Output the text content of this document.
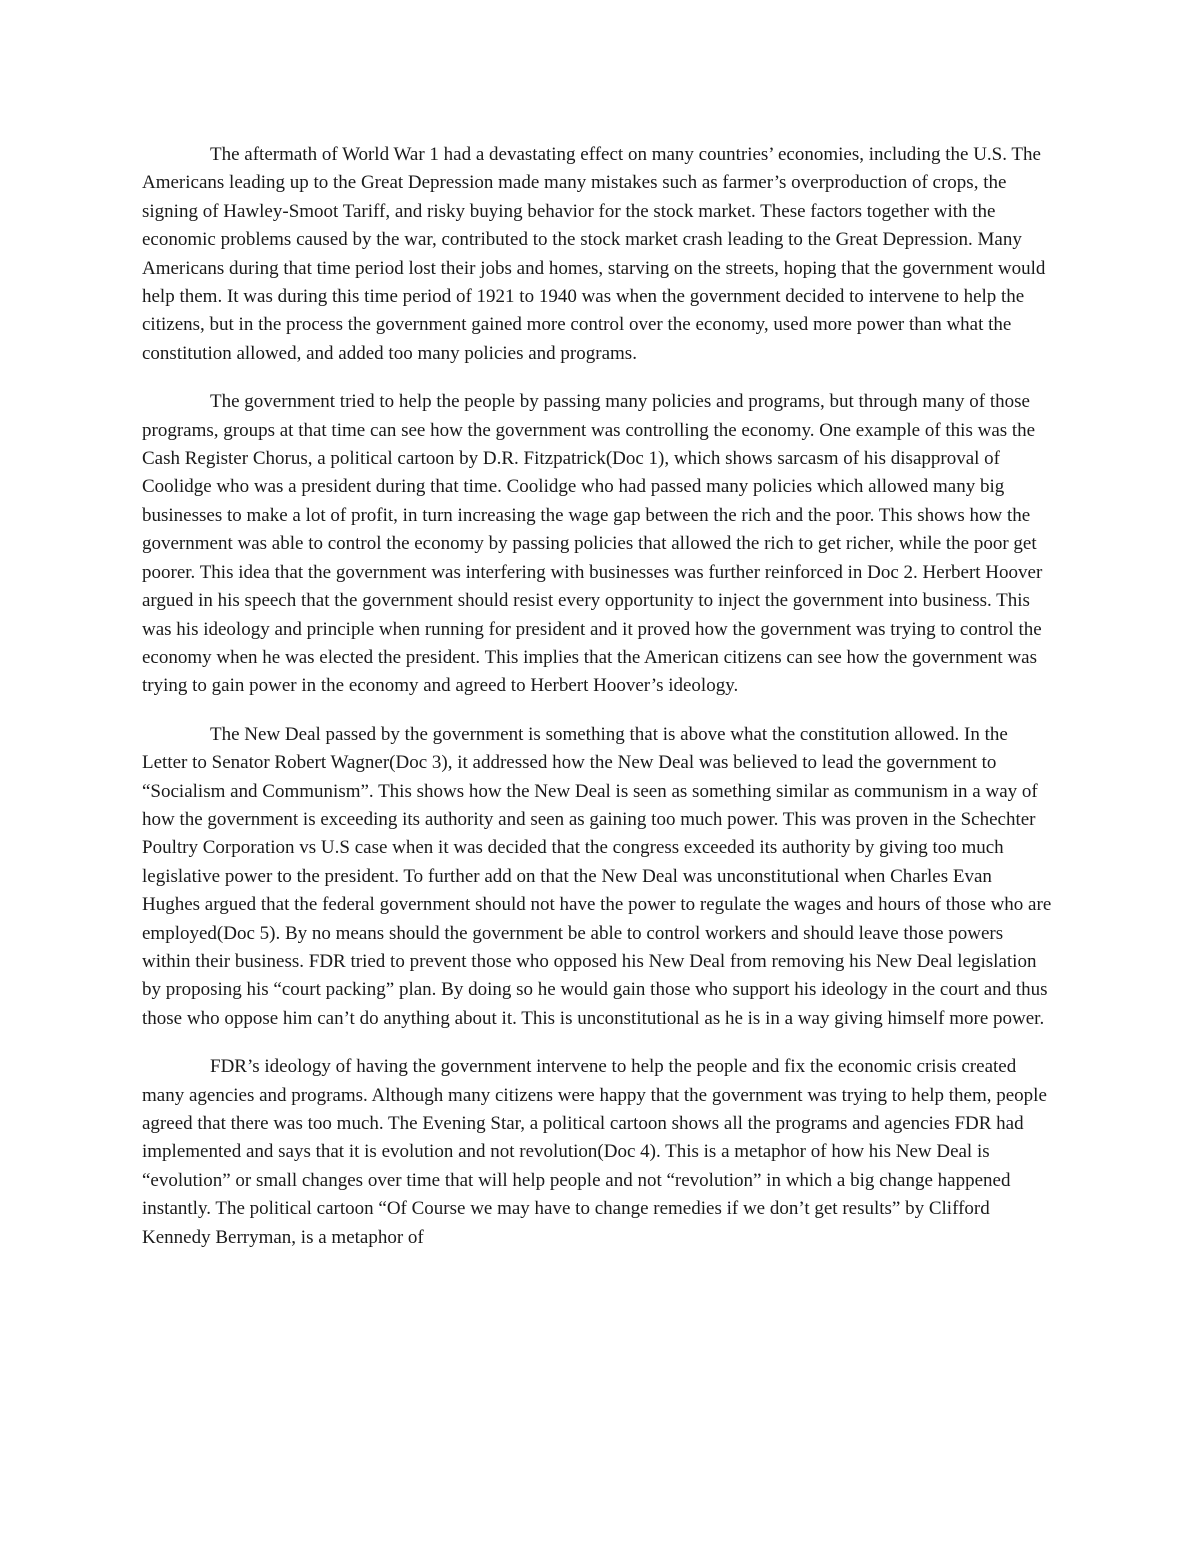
The aftermath of World War 1 had a devastating effect on many countries’ economies, including the U.S. The Americans leading up to the Great Depression made many mistakes such as farmer’s overproduction of crops, the signing of Hawley-Smoot Tariff, and risky buying behavior for the stock market. These factors together with the economic problems caused by the war, contributed to the stock market crash leading to the Great Depression. Many Americans during that time period lost their jobs and homes, starving on the streets, hoping that the government would help them. It was during this time period of 1921 to 1940 was when the government decided to intervene to help the citizens, but in the process the government gained more control over the economy, used more power than what the constitution allowed, and added too many policies and programs.

The government tried to help the people by passing many policies and programs, but through many of those programs, groups at that time can see how the government was controlling the economy. One example of this was the Cash Register Chorus, a political cartoon by D.R. Fitzpatrick(Doc 1), which shows sarcasm of his disapproval of Coolidge who was a president during that time. Coolidge who had passed many policies which allowed many big businesses to make a lot of profit, in turn increasing the wage gap between the rich and the poor. This shows how the government was able to control the economy by passing policies that allowed the rich to get richer, while the poor get poorer. This idea that the government was interfering with businesses was further reinforced in Doc 2. Herbert Hoover argued in his speech that the government should resist every opportunity to inject the government into business. This was his ideology and principle when running for president and it proved how the government was trying to control the economy when he was elected the president. This implies that the American citizens can see how the government was trying to gain power in the economy and agreed to Herbert Hoover’s ideology.

The New Deal passed by the government is something that is above what the constitution allowed. In the Letter to Senator Robert Wagner(Doc 3), it addressed how the New Deal was believed to lead the government to “Socialism and Communism”. This shows how the New Deal is seen as something similar as communism in a way of how the government is exceeding its authority and seen as gaining too much power. This was proven in the Schechter Poultry Corporation vs U.S case when it was decided that the congress exceeded its authority by giving too much legislative power to the president. To further add on that the New Deal was unconstitutional when Charles Evan Hughes argued that the federal government should not have the power to regulate the wages and hours of those who are employed(Doc 5). By no means should the government be able to control workers and should leave those powers within their business. FDR tried to prevent those who opposed his New Deal from removing his New Deal legislation by proposing his “court packing” plan. By doing so he would gain those who support his ideology in the court and thus those who oppose him can’t do anything about it. This is unconstitutional as he is in a way giving himself more power.

FDR’s ideology of having the government intervene to help the people and fix the economic crisis created many agencies and programs. Although many citizens were happy that the government was trying to help them, people agreed that there was too much. The Evening Star, a political cartoon shows all the programs and agencies FDR had implemented and says that it is evolution and not revolution(Doc 4). This is a metaphor of how his New Deal is “evolution” or small changes over time that will help people and not “revolution” in which a big change happened instantly. The political cartoon “Of Course we may have to change remedies if we don’t get results” by Clifford Kennedy Berryman, is a metaphor of
